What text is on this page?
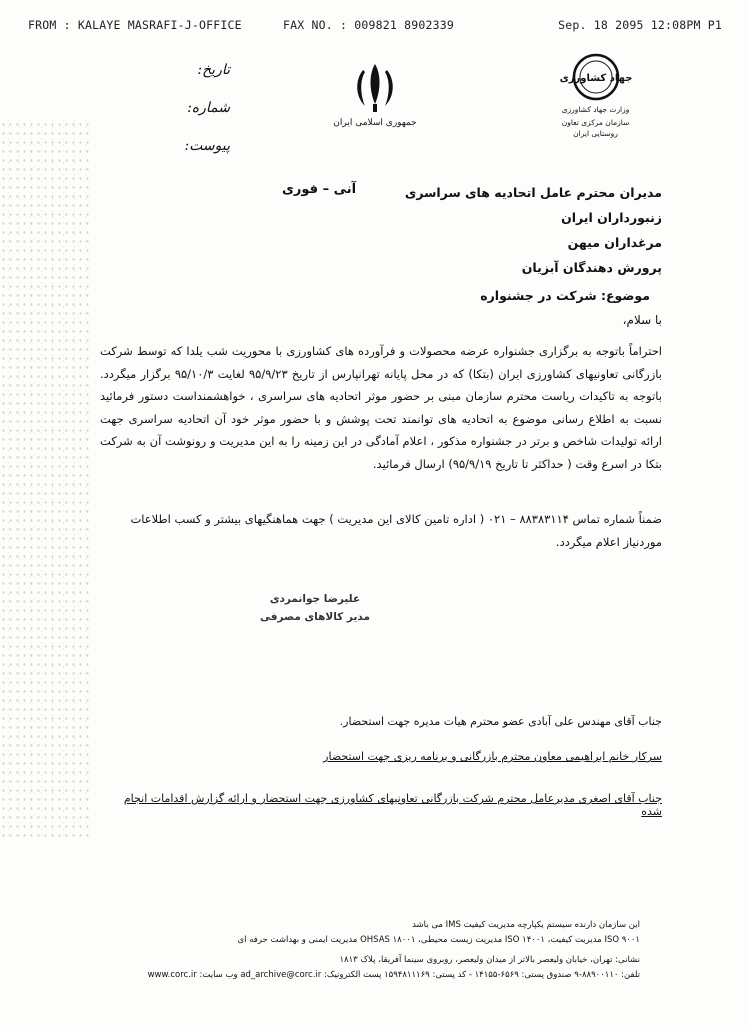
FROM : KALAYE MASRAFI-J-OFFICE	FAX NO. : 009821 8902339	Sep. 18 2095 12:08PM P1
تاریخ:
شماره:
پیوست:
جمهوری اسلامی ایران
جهاد کشاورزی
وزارت جهاد کشاورزی
سازمان مرکزی تعاون روستایی ایران
مدیران محترم عامل اتحادیه های سراسری
زنبورداران ایران
مرغداران میهن
پرورش دهندگان آبزیان
آنی – فوری
موضوع: شرکت در جشنواره
با سلام،

احتراماً باتوجه به برگزاری جشنواره عرضه محصولات و فرآورده های کشاورزی با محوریت شب یلدا که توسط شرکت بازرگانی تعاونیهای کشاورزی ایران (بتکا) که در محل پایانه تهرانپارس از تاریخ ۹۵/۹/۲۳ لغایت ۹۵/۱۰/۳ برگزار میگردد. باتوجه به تاکیدات ریاست محترم سازمان مبنی بر حضور موثر اتحادیه های سراسری ، خواهشمنداست دستور فرمائید نسبت به اطلاع رسانی موضوع به اتحادیه های توانمند تحت پوشش و با حضور موثر خود آن اتحادیه سراسری جهت ارائه تولیدات شاخص و برتر در جشنواره مذکور ، اعلام آمادگی در این زمینه را به این مدیریت و رونوشت آن به شرکت بتکا در اسرع وقت ( حداکثر تا تاریخ ۹۵/۹/۱۹) ارسال فرمائید.

ضمناً شماره تماس ۸۸۳۸۳۱۱۴ – ۰۲۱ ( اداره تامین کالای این مدیریت ) جهت هماهنگیهای بیشتر و کسب اطلاعات موردنیاز اعلام میگردد.
علیرضا جوانمردی
مدیر کالاهای مصرفی
جناب آقای مهندس علی آبادی عضو محترم هیات مدیره جهت استحضار.
سرکار خانم ابراهیمی معاون محترم بازرگانی و برنامه ریزی جهت استحضار
جناب آقای اصغری مدیرعامل محترم شرکت بازرگانی تعاونیهای کشاورزی جهت استحضار و ارائه گزارش اقدامات انجام شده
این سازمان دارنده سیستم یکپارچه مدیریت کیفیت IMS می باشد
ISO ۹۰۰۱ مدیریت کیفیت، ISO ۱۴۰۰۱ مدیریت زیست محیطی، OHSAS ۱۸۰۰۱ مدیریت ایمنی و بهداشت حرفه ای
نشانی: تهران، خیابان ولیعصر بالاتر از میدان ولیعصر، روبروی سینما آفریقا، پلاک ۱۸۱۳
تلفن: ۸۸۹۰۰۱۱۰-۹ صندوق پستی: ۶۵۶۹-۱۴۱۵۵ - کد پستی: ۱۵۹۴۸۱۱۱۶۹ پست الکترونیک: ad_archive@corc.ir وب سایت: www.corc.ir
